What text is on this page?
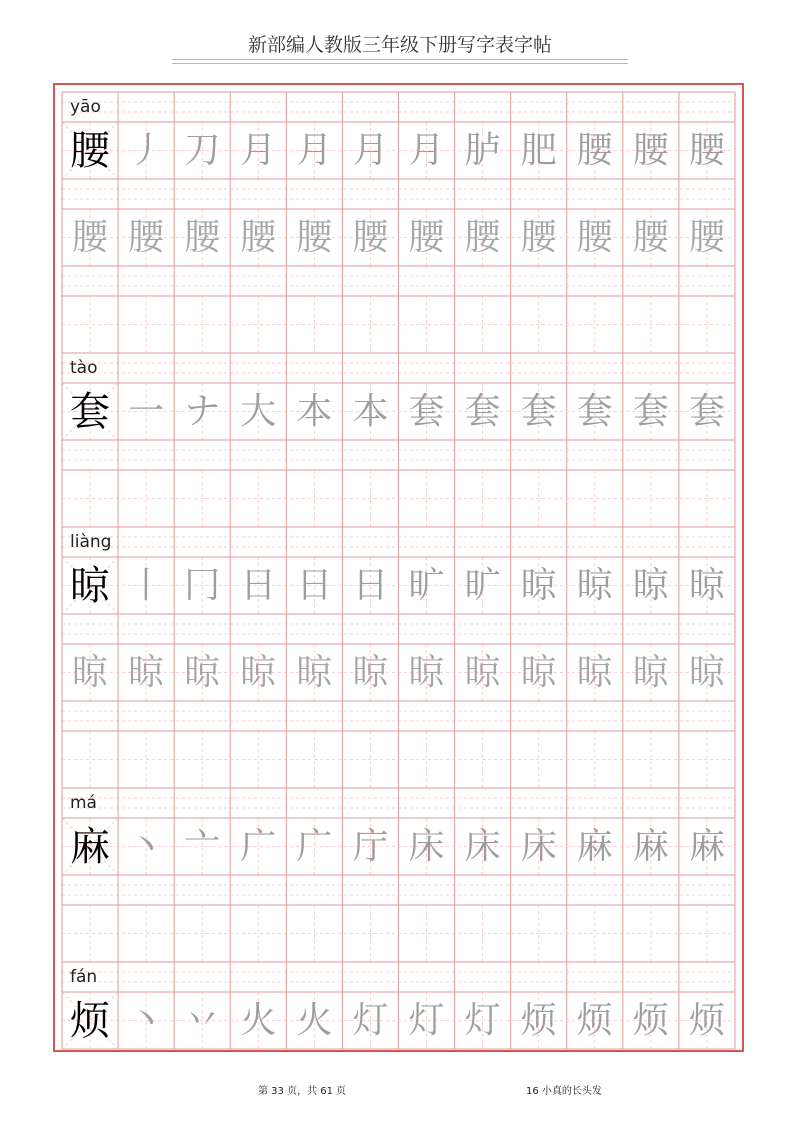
新部编人教版三年级下册写字表字帖
yāo
腰 丿 刀 月 月 月 月 胪 肥 腰 腰 腰
腰 腰 腰 腰 腰 腰 腰 腰 腰 腰 腰 腰
tào
套 一 ナ 大 本 本 套 套 套 套 套 套
liàng
晾 丨 冂 日 日 日 旷 旷 晾 晾 晾 晾
晾 晾 晾 晾 晾 晾 晾 晾 晾 晾 晾 晾
má
麻 丶 亠 广 广 庁 床 床 床 麻 麻 麻
fán
烦 丶 丷 火 火 灯 灯 灯 烦 烦 烦 烦
第 33 页，共 61 页	16 小真的长头发
